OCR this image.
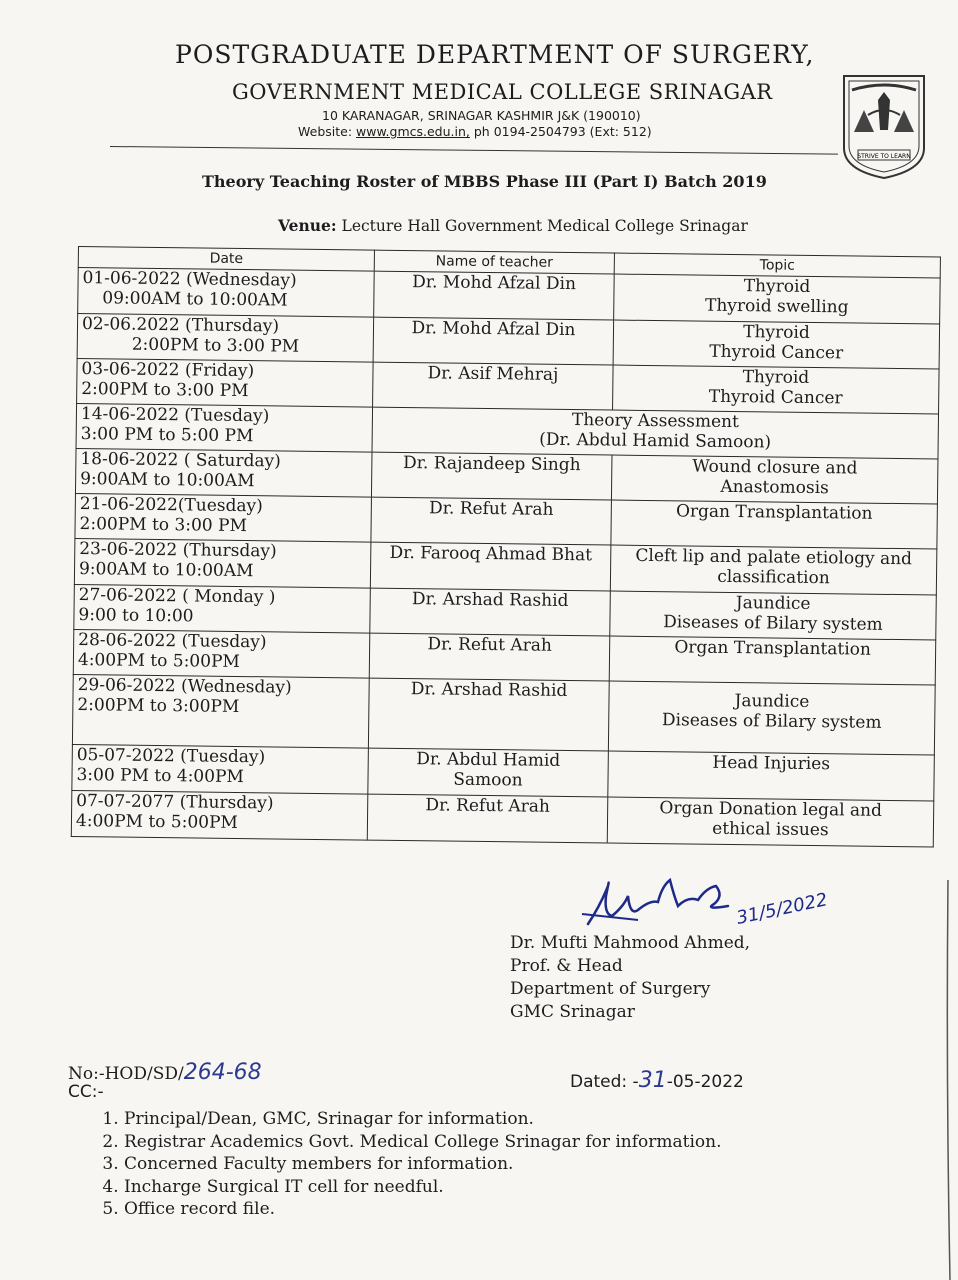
POSTGRADUATE DEPARTMENT OF SURGERY,
GOVERNMENT MEDICAL COLLEGE SRINAGAR
10 KARANAGAR, SRINAGAR KASHMIR J&K (190010)
Website: www.gmcs.edu.in, ph 0194-2504793 (Ext: 512)
STRIVE TO LEARN
Theory Teaching Roster of MBBS Phase III (Part I) Batch 2019
Venue: Lecture Hall Government Medical College Srinagar
Date	Name of teacher	Topic

01-06-2022 (Wednesday)
09:00AM to 10:00AM	Dr. Mohd Afzal Din	Thyroid
Thyroid swelling

02-06.2022 (Thursday)
2:00PM to 3:00 PM	Dr. Mohd Afzal Din	Thyroid
Thyroid Cancer

03-06-2022 (Friday)
2:00PM to 3:00 PM	Dr. Asif Mehraj	Thyroid
Thyroid Cancer

14-06-2022 (Tuesday)
3:00 PM to 5:00 PM	Theory Assessment
(Dr. Abdul Hamid Samoon)	

18-06-2022 ( Saturday)
9:00AM to 10:00AM	Dr. Rajandeep Singh	Wound closure and
Anastomosis

21-06-2022(Tuesday)
2:00PM to 3:00 PM	Dr. Refut Arah	Organ Transplantation

23-06-2022 (Thursday)
9:00AM to 10:00AM	Dr. Farooq Ahmad Bhat	Cleft lip and palate etiology and
classification

27-06-2022 ( Monday )
9:00 to 10:00	Dr. Arshad Rashid	Jaundice
Diseases of Bilary system

28-06-2022 (Tuesday)
4:00PM to 5:00PM	Dr. Refut Arah	Organ Transplantation

29-06-2022 (Wednesday)
2:00PM to 3:00PM	Dr. Arshad Rashid	Jaundice
Diseases of Bilary system

05-07-2022 (Tuesday)
3:00 PM to 4:00PM	Dr. Abdul Hamid Samoon	Head Injuries

07-07-2077 (Thursday)
4:00PM to 5:00PM	Dr. Refut Arah	Organ Donation legal and
ethical issues
31/5/2022
Dr. Mufti Mahmood Ahmed,
Prof. & Head
Department of Surgery
GMC Srinagar
No:-HOD/SD/264-68	Dated: -31-05-2022
CC:-
1. Principal/Dean, GMC, Srinagar for information.
2. Registrar Academics Govt. Medical College Srinagar for information.
3. Concerned Faculty members for information.
4. Incharge Surgical IT cell for needful.
5. Office record file.
